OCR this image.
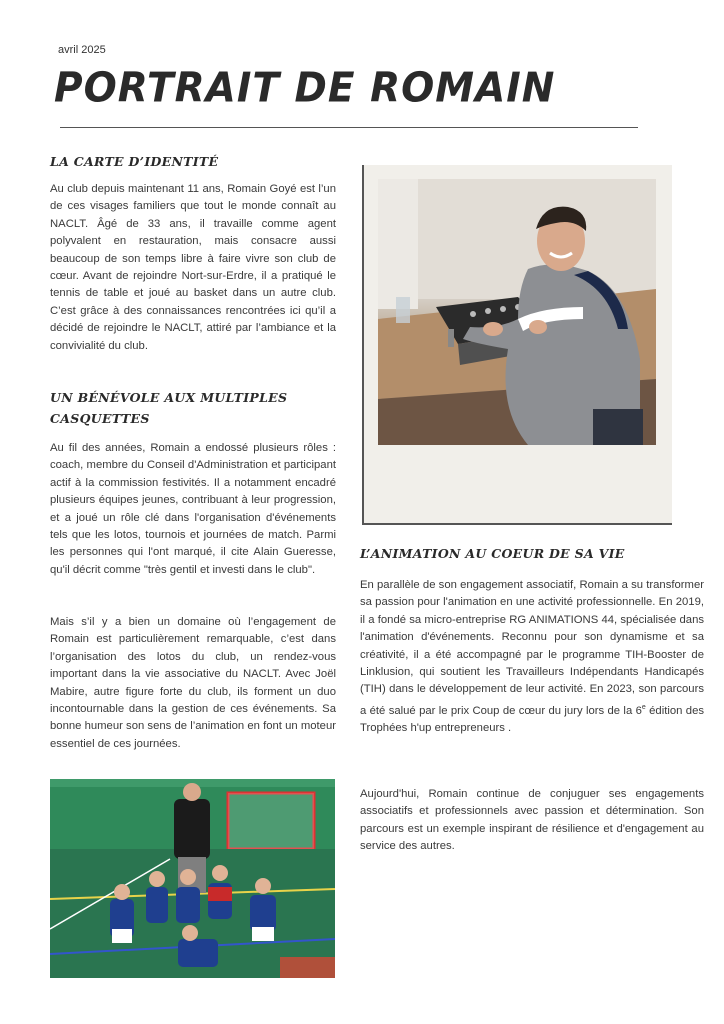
avril 2025
PORTRAIT DE ROMAIN
LA CARTE D’IDENTITÉ

Au club depuis maintenant 11 ans, Romain Goyé est l’un de ces visages familiers que tout le monde connaît au NACLT. Âgé de 33 ans, il travaille comme agent polyvalent en restauration, mais consacre aussi beaucoup de son temps libre à faire vivre son club de cœur. Avant de rejoindre Nort-sur-Erdre, il a pratiqué le tennis de table et joué au basket dans un autre club. C’est grâce à des connaissances rencontrées ici qu’il a décidé de rejoindre le NACLT, attiré par l’ambiance et la convivialité du club.

UN BÉNÉVOLE AUX MULTIPLES
CASQUETTES

Au fil des années, Romain a endossé plusieurs rôles : coach, membre du Conseil d'Administration et participant actif à la commission festivités. Il a notamment encadré plusieurs équipes jeunes, contribuant à leur progression, et a joué un rôle clé dans l'organisation d'événements tels que les lotos, tournois et journées de match. Parmi les personnes qui l'ont marqué, il cite Alain Gueresse, qu'il décrit comme "très gentil et investi dans le club".

Mais s’il y a bien un domaine où l’engagement de Romain est particulièrement remarquable, c’est dans l’organisation des lotos du club, un rendez-vous important dans la vie associative du NACLT. Avec Joël Mabire, autre figure forte du club, ils forment un duo incontournable dans la gestion de ces événements. Sa bonne humeur son sens de l’animation en font un moteur essentiel de ces journées.

L’ANIMATION AU COEUR DE SA VIE

En parallèle de son engagement associatif, Romain a su transformer sa passion pour l'animation en une activité professionnelle. En 2019, il a fondé sa micro-entreprise RG ANIMATIONS 44, spécialisée dans l'animation d'événements. Reconnu pour son dynamisme et sa créativité, il a été accompagné par le programme TIH-Booster de Linklusion, qui soutient les Travailleurs Indépendants Handicapés (TIH) dans le développement de leur activité. En 2023, son parcours a été salué par le prix Coup de cœur du jury lors de la 6e édition des Trophées h'up entrepreneurs .

Aujourd'hui, Romain continue de conjuguer ses engagements associatifs et professionnels avec passion et détermination. Son parcours est un exemple inspirant de résilience et d'engagement au service des autres.
